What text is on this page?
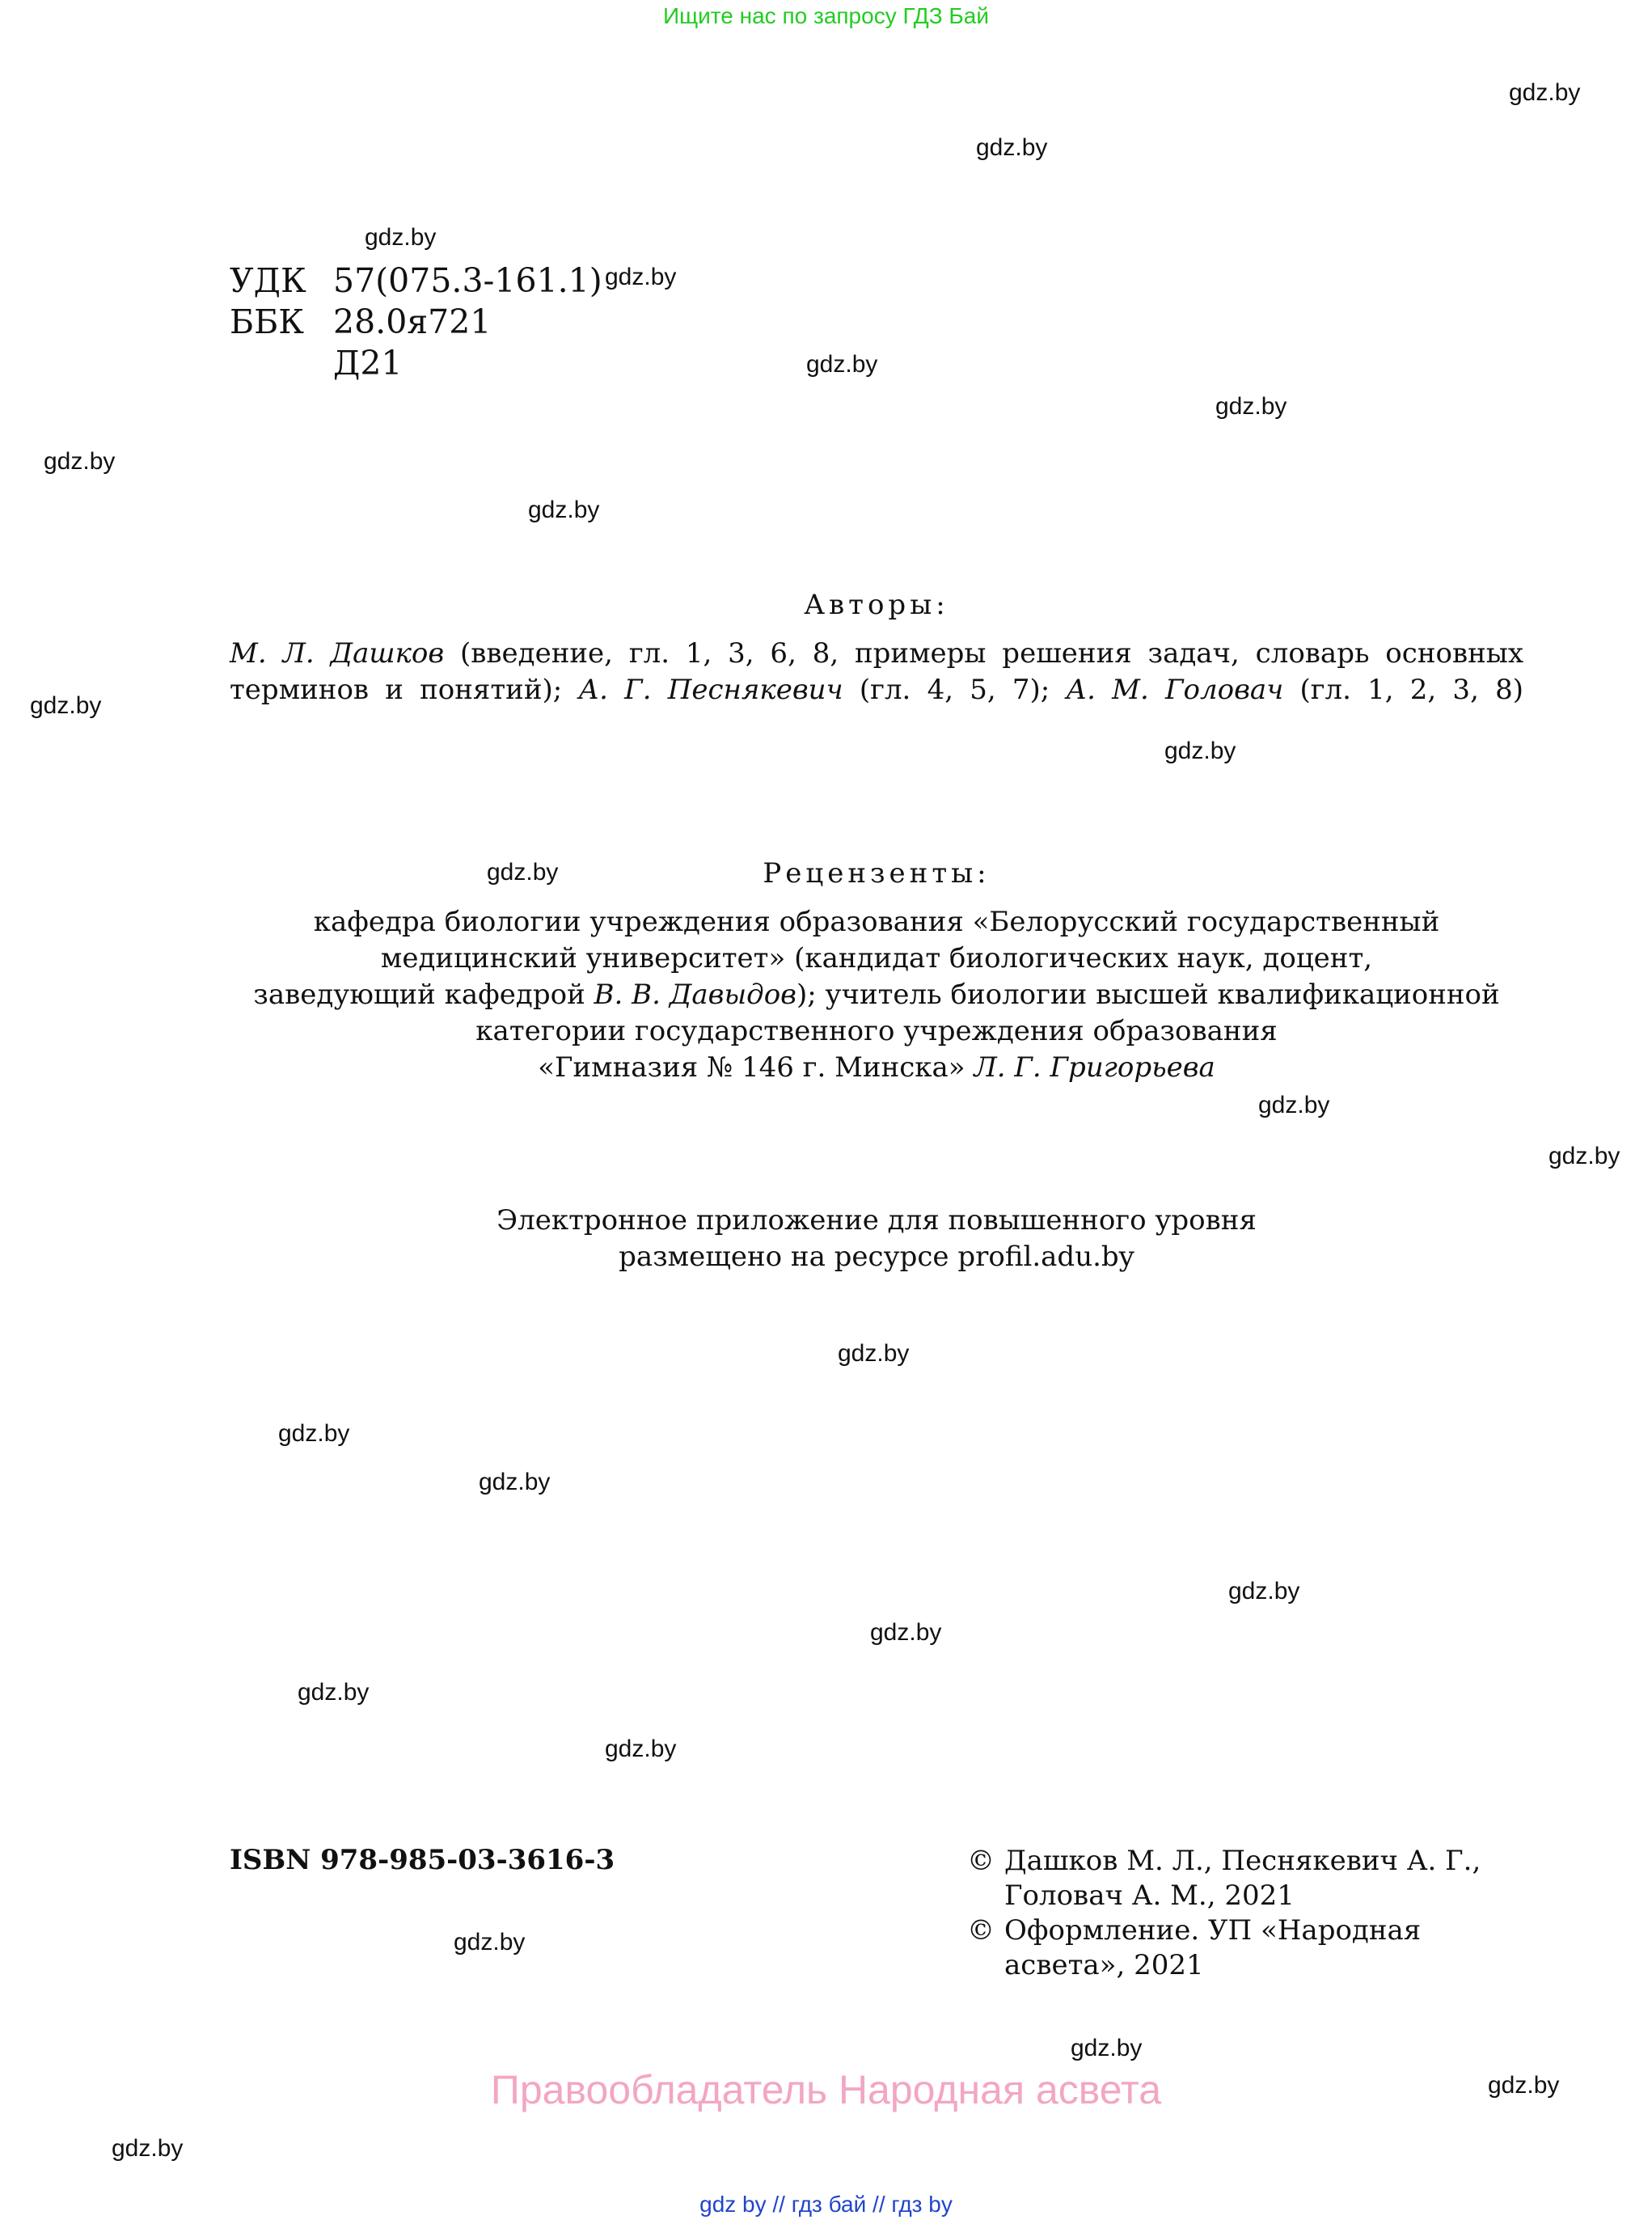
Ищите нас по запросу ГДЗ Бай
gdz.by
gdz.by
gdz.by
gdz.by
gdz.by
gdz.by
gdz.by
gdz.by
gdz.by
gdz.by
gdz.by
gdz.by
gdz.by
gdz.by
gdz.by
gdz.by
gdz.by
gdz.by
gdz.by
gdz.by
gdz.by
gdz.by
gdz.by
gdz.by
УДК 57(075.3-161.1)
ББК 28.0я721
Д21
Авторы:
М. Л. Дашков (введение, гл. 1, 3, 6, 8, примеры решения задач, словарь основных
терминов и понятий); А. Г. Песнякевич (гл. 4, 5, 7); А. М. Головач (гл. 1, 2, 3, 8)
Рецензенты:
кафедра биологии учреждения образования «Белорусский государственный
медицинский университет» (кандидат биологических наук, доцент,
заведующий кафедрой В. В. Давыдов); учитель биологии высшей квалификационной
категории государственного учреждения образования
«Гимназия № 146 г. Минска» Л. Г. Григорьева
Электронное приложение для повышенного уровня
размещено на ресурсе profil.adu.by
ISBN 978-985-03-3616-3	© Дашков М. Л., Песнякевич А. Г., Головач А. М., 2021
© Оформление. УП «Народная асвета», 2021
Правообладатель Народная асвета
gdz by // гдз бай // гдз by
